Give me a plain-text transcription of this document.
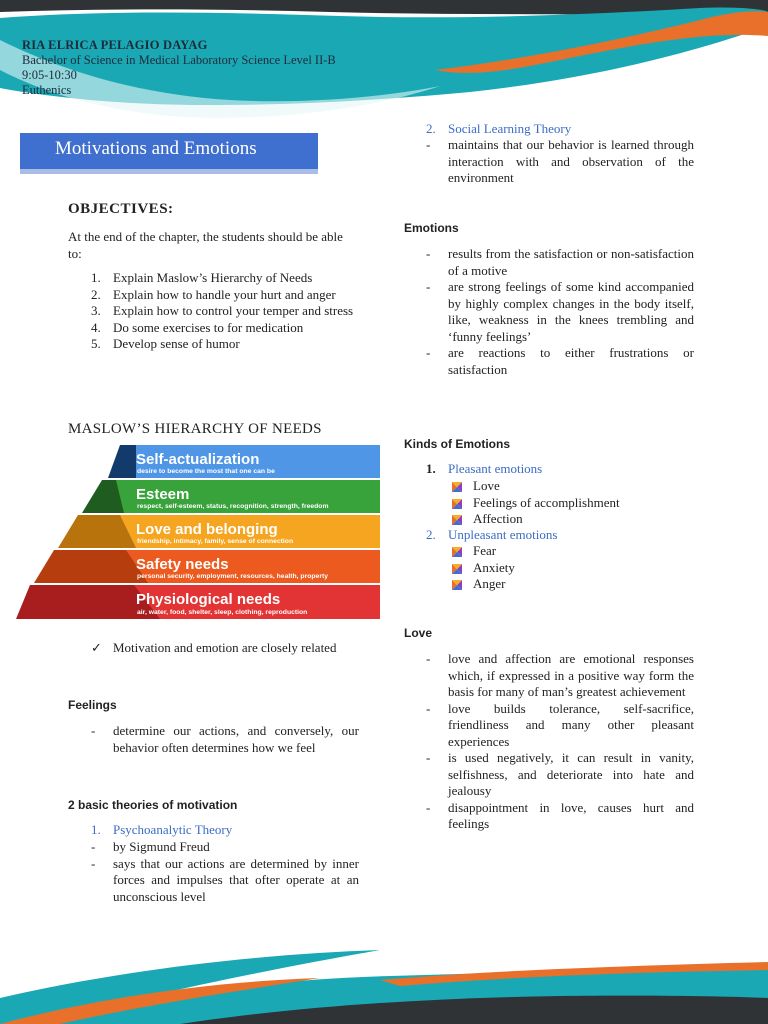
RIA ELRICA PELAGIO DAYAG
Bachelor of Science in Medical Laboratory Science Level II-B
9:05-10:30
Euthenics
Motivations and Emotions
OBJECTIVES:
At the end of the chapter, the students should be able to:
1. Explain Maslow’s Hierarchy of Needs
2. Explain how to handle your hurt and anger
3. Explain how to control your temper and stress
4. Do some exercises to for medication
5. Develop sense of humor
MASLOW’S HIERARCHY OF NEEDS
Self-actualization
desire to become the most that one can be
Esteem
respect, self-esteem, status, recognition, strength, freedom
Love and belonging
friendship, intimacy, family, sense of connection
Safety needs
personal security, employment, resources, health, property
Physiological needs
air, water, food, shelter, sleep, clothing, reproduction
✓ Motivation and emotion are closely related
Feelings
-	determine our actions, and conversely, our behavior often determines how we feel
2 basic theories of motivation
1. Psychoanalytic Theory
-	by Sigmund Freud
-	says that our actions are determined by inner forces and impulses that ofter operate at an unconscious level
2. Social Learning Theory
-	maintains that our behavior is learned through interaction with and observation of the environment
Emotions
-	results from the satisfaction or non-satisfaction of a motive
-	are strong feelings of some kind accompanied by highly complex changes in the body itself, like, weakness in the knees trembling and ‘funny feelings’
-	are reactions to either frustrations or satisfaction
Kinds of Emotions
1. Pleasant emotions
Love
Feelings of accomplishment
Affection
2. Unpleasant emotions
Fear
Anxiety
Anger
Love
-	love and affection are emotional responses which, if expressed in a positive way form the basis for many of man’s greatest achievement
-	love builds tolerance, self-sacrifice, friendliness and many other pleasant experiences
-	is used negatively, it can result in vanity, selfishness, and deteriorate into hate and jealousy
-	disappointment in love, causes hurt and feelings
